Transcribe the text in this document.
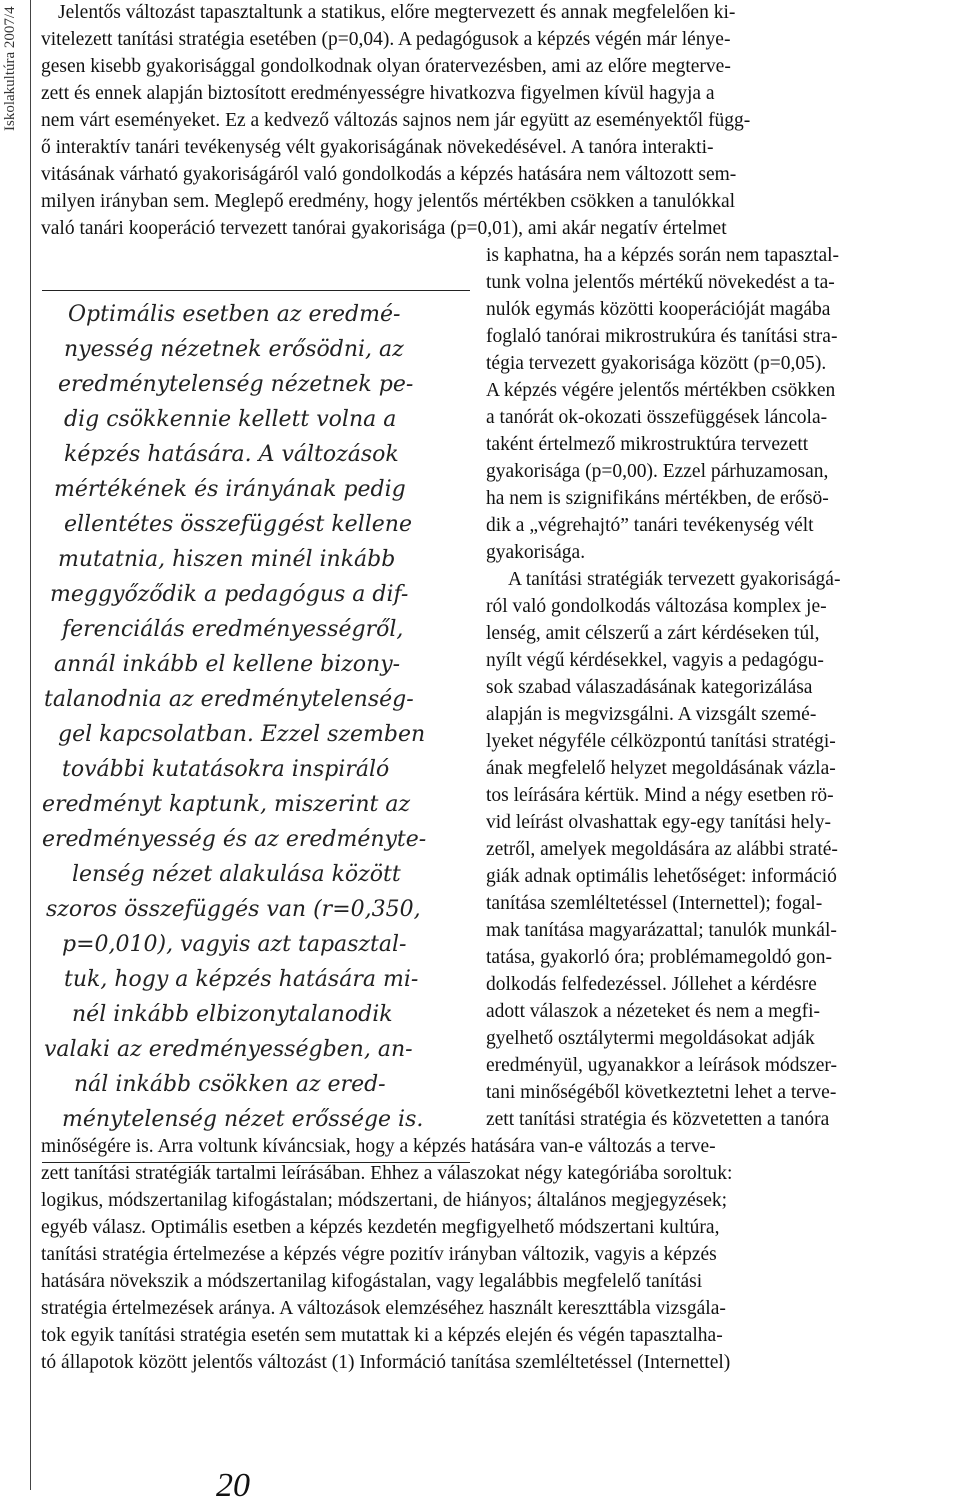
Iskolakultúra 2007/4 Jelentős változást tapasztaltunk a statikus, előre megtervezett és annak megfelelően ki-
vitelezett tanítási stratégia esetében (p=0,04). A pedagógusok a képzés végén már lénye-
gesen kisebb gyakorisággal gondolkodnak olyan óratervezésben, ami az előre megterve-
zett és ennek alapján biztosított eredményességre hivatkozva figyelmen kívül hagyja a
nem várt eseményeket. Ez a kedvező változás sajnos nem jár együtt az eseményektől függ-
ő interaktív tanári tevékenység vélt gyakoriságának növekedésével. A tanóra interakti-
vitásának várható gyakoriságáról való gondolkodás a képzés hatására nem változott sem-
milyen irányban sem. Meglepő eredmény, hogy jelentős mértékben csökken a tanulókkal
való tanári kooperáció tervezett tanórai gyakorisága (p=0,01), ami akár negatív értelmet
is kaphatna, ha a képzés során nem tapasztal-
tunk volna jelentős mértékű növekedést a ta-
nulók egymás közötti kooperációját magába
foglaló tanórai mikrostrukúra és tanítási stra-
tégia tervezett gyakorisága között (p=0,05).
A képzés végére jelentős mértékben csökken
a tanórát ok-okozati összefüggések láncola-
taként értelmező mikrostruktúra tervezett
gyakorisága (p=0,00). Ezzel párhuzamosan,
ha nem is szignifikáns mértékben, de erősö-
dik a „végrehajtó” tanári tevékenység vélt
gyakorisága.
A tanítási stratégiák tervezett gyakoriságá-
ról való gondolkodás változása komplex je-
lenség, amit célszerű a zárt kérdéseken túl,
nyílt végű kérdésekkel, vagyis a pedagógu-
sok szabad válaszadásának kategorizálása
alapján is megvizsgálni. A vizsgált szemé-
lyeket négyféle célközpontú tanítási stratégi-
ának megfelelő helyzet megoldásának vázla-
tos leírására kértük. Mind a négy esetben rö-
vid leírást olvashattak egy-egy tanítási hely-
zetről, amelyek megoldására az alábbi straté-
giák adnak optimális lehetőséget: információ
tanítása szemléltetéssel (Internettel); fogal-
mak tanítása magyarázattal; tanulók munkál-
tatása, gyakorló óra; problémamegoldó gon-
dolkodás felfedezéssel. Jóllehet a kérdésre
adott válaszok a nézeteket és nem a megfi-
gyelhető osztálytermi megoldásokat adják
eredményül, ugyanakkor a leírások módszer-
tani minőségéből következtetni lehet a terve-
zett tanítási stratégia és közvetetten a tanóra
Optimális esetben az eredmé-
nyesség nézetnek erősödni, az
eredménytelenség nézetnek pe-
dig csökkennie kellett volna a
képzés hatására. A változások
mértékének és irányának pedig
ellentétes összefüggést kellene
mutatnia, hiszen minél inkább
meggyőződik a pedagógus a dif-
ferenciálás eredményességről,
annál inkább el kellene bizony-
talanodnia az eredménytelenség-
gel kapcsolatban. Ezzel szemben
további kutatásokra inspiráló
eredményt kaptunk, miszerint az
eredményesség és az eredményte-
lenség nézet alakulása között
szoros összefüggés van (r=0,350,
p=0,010), vagyis azt tapasztal-
tuk, hogy a képzés hatására mi-
nél inkább elbizonytalanodik
valaki az eredményességben, an-
nál inkább csökken az ered-
ménytelenség nézet erőssége is.
minőségére is. Arra voltunk kíváncsiak, hogy a képzés hatására van-e változás a terve-
zett tanítási stratégiák tartalmi leírásában. Ehhez a válaszokat négy kategóriába soroltuk:
logikus, módszertanilag kifogástalan; módszertani, de hiányos; általános megjegyzések;
egyéb válasz. Optimális esetben a képzés kezdetén megfigyelhető módszertani kultúra,
tanítási stratégia értelmezése a képzés végre pozitív irányban változik, vagyis a képzés
hatására növekszik a módszertanilag kifogástalan, vagy legalábbis megfelelő tanítási
stratégia értelmezések aránya. A változások elemzéséhez használt kereszttábla vizsgála-
tok egyik tanítási stratégia esetén sem mutattak ki a képzés elején és végén tapasztalha-
tó állapotok között jelentős változást (1) Információ tanítása szemléltetéssel (Internettel)
20
